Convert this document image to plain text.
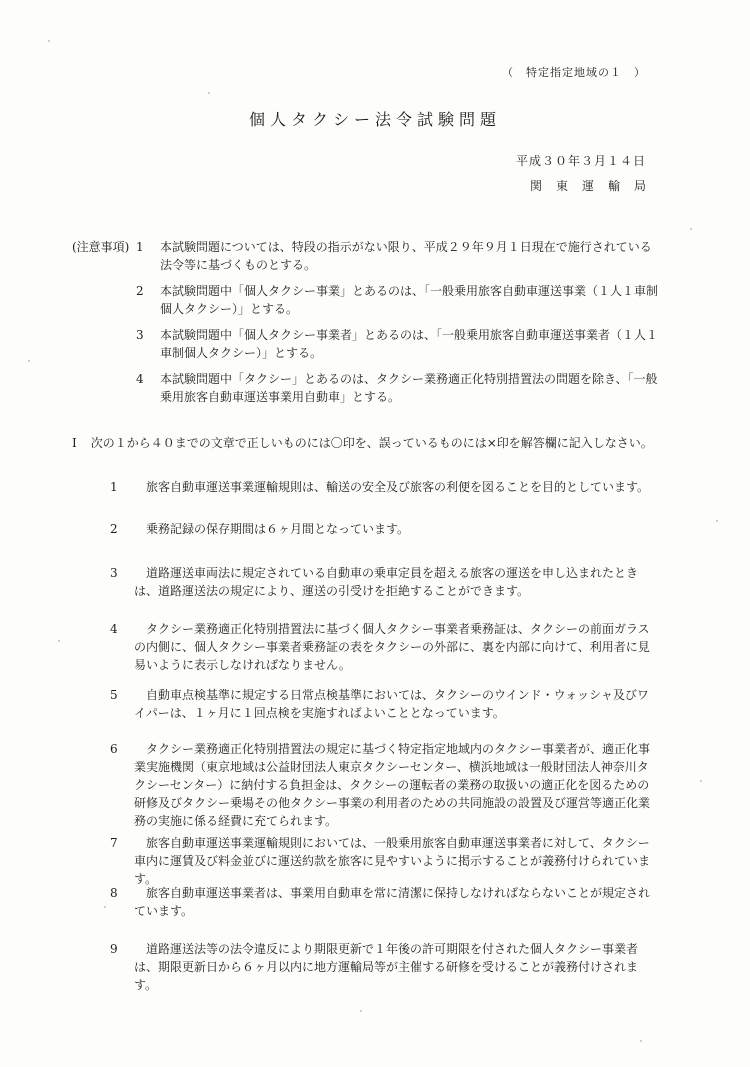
（　特定指定地域の１　）
個人タクシー法令試験問題
平成３０年３月１４日
関東運輸局
(注意事項) 1 本試験問題については、特段の指示がない限り、平成２９年９月１日現在で施行されている法令等に基づくものとする。
2 本試験問題中「個人タクシー事業」とあるのは、「一般乗用旅客自動車運送事業（１人１車制個人タクシー）」とする。
3 本試験問題中「個人タクシー事業者」とあるのは、「一般乗用旅客自動車運送事業者（１人１車制個人タクシー）」とする。
4 本試験問題中「タクシー」とあるのは、タクシー業務適正化特別措置法の問題を除き、「一般乗用旅客自動車運送事業用自動車」とする。
Ⅰ 次の１から４０までの文章で正しいものには〇印を、誤っているものには×印を解答欄に記入しなさい。
1	旅客自動車運送事業運輸規則は、輸送の安全及び旅客の利便を図ることを目的としています。
2	乗務記録の保存期間は６ヶ月間となっています。
3	道路運送車両法に規定されている自動車の乗車定員を超える旅客の運送を申し込まれたときは、道路運送法の規定により、運送の引受けを拒絶することができます。
4	タクシー業務適正化特別措置法に基づく個人タクシー事業者乗務証は、タクシーの前面ガラスの内側に、個人タクシー事業者乗務証の表をタクシーの外部に、裏を内部に向けて、利用者に見易いように表示しなければなりません。
5	自動車点検基準に規定する日常点検基準においては、タクシーのウインド・ウォッシャ及びワイパーは、１ヶ月に１回点検を実施すればよいこととなっています。
6	タクシー業務適正化特別措置法の規定に基づく特定指定地域内のタクシー事業者が、適正化事業実施機関（東京地域は公益財団法人東京タクシーセンター、横浜地域は一般財団法人神奈川タクシーセンター）に納付する負担金は、タクシーの運転者の業務の取扱いの適正化を図るための研修及びタクシー乗場その他タクシー事業の利用者のための共同施設の設置及び運営等適正化業務の実施に係る経費に充てられます。
7	旅客自動車運送事業運輸規則においては、一般乗用旅客自動車運送事業者に対して、タクシー車内に運賃及び料金並びに運送約款を旅客に見やすいように掲示することが義務付けられています。
8	旅客自動車運送事業者は、事業用自動車を常に清潔に保持しなければならないことが規定されています。
9	道路運送法等の法令違反により期限更新で１年後の許可期限を付された個人タクシー事業者は、期限更新日から６ヶ月以内に地方運輸局等が主催する研修を受けることが義務付けされます。
